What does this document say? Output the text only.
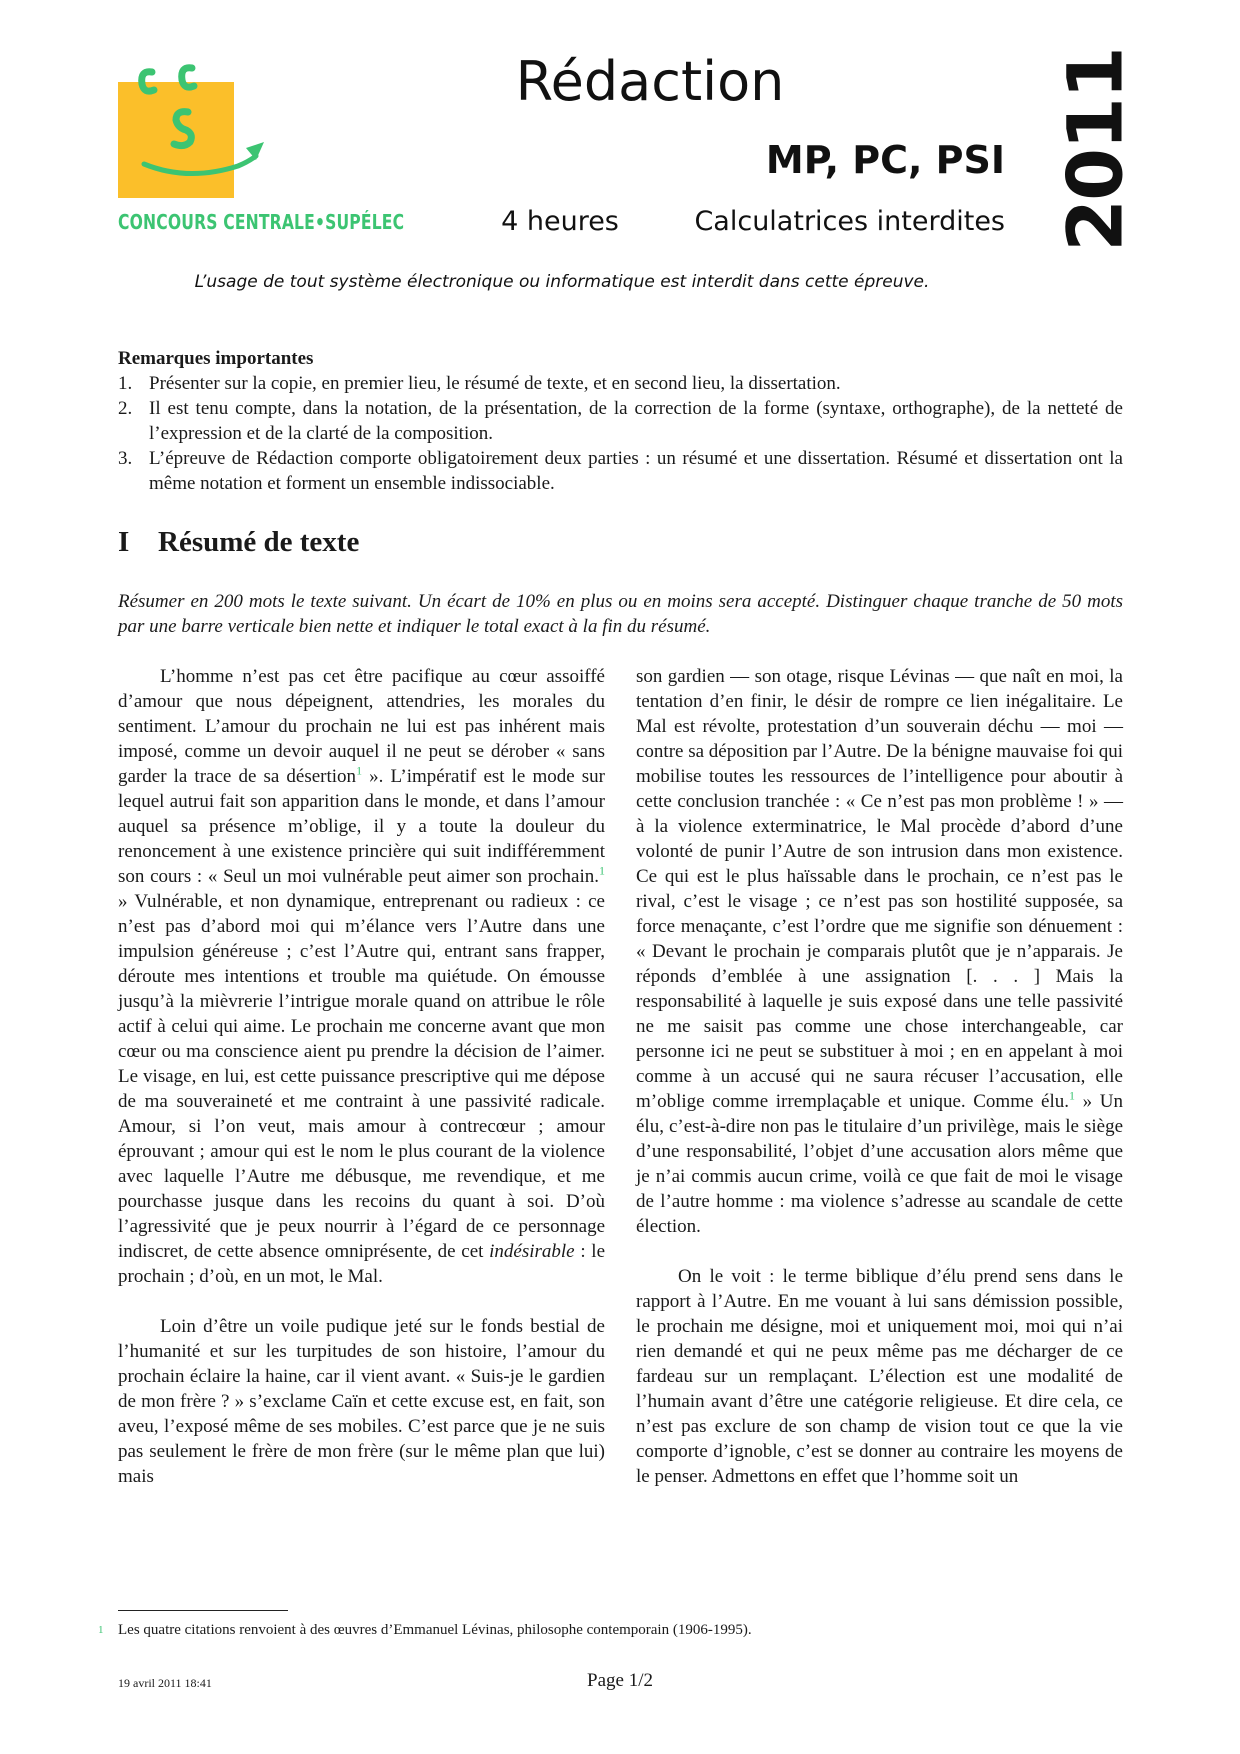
CONCOURS CENTRALE•SUPÉLEC
Rédaction
MP, PC, PSI
4 heures	Calculatrices interdites 2011
L’usage de tout système électronique ou informatique est interdit dans cette épreuve.
Remarques importantes
1. Présenter sur la copie, en premier lieu, le résumé de texte, et en second lieu, la dissertation.
2. Il est tenu compte, dans la notation, de la présentation, de la correction de la forme (syntaxe, orthographe), de la netteté de l’expression et de la clarté de la composition.
3. L’épreuve de Rédaction comporte obligatoirement deux parties : un résumé et une dissertation. Résumé et dissertation ont la même notation et forment un ensemble indissociable.
I Résumé de texte
Résumer en 200 mots le texte suivant. Un écart de 10% en plus ou en moins sera accepté. Distinguer chaque tranche de 50 mots par une barre verticale bien nette et indiquer le total exact à la fin du résumé.

L’homme n’est pas cet être pacifique au cœur assoiffé d’amour que nous dépeignent, attendries, les morales du sentiment. L’amour du prochain ne lui est pas inhérent mais imposé, comme un devoir auquel il ne peut se dérober « sans garder la trace de sa désertion$^1$ ». L’impératif est le mode sur lequel autrui fait son apparition dans le monde, et dans l’amour auquel sa présence m’oblige, il y a toute la douleur du renoncement à une existence princière qui suit indifféremment son cours : « Seul un moi vulnérable peut aimer son prochain.$^1$ » Vulnérable, et non dynamique, entreprenant ou radieux : ce n’est pas d’abord moi qui m’élance vers l’Autre dans une impulsion généreuse ; c’est l’Autre qui, entrant sans frapper, déroute mes intentions et trouble ma quiétude. On émousse jusqu’à la mièvrerie l’intrigue morale quand on attribue le rôle actif à celui qui aime. Le prochain me concerne avant que mon cœur ou ma conscience aient pu prendre la décision de l’aimer. Le visage, en lui, est cette puissance prescriptive qui me dépose de ma souveraineté et me contraint à une passivité radicale. Amour, si l’on veut, mais amour à contrecœur ; amour éprouvant ; amour qui est le nom le plus courant de la violence avec laquelle l’Autre me débusque, me revendique, et me pourchasse jusque dans les recoins du quant à soi. D’où l’agressivité que je peux nourrir à l’égard de ce personnage indiscret, de cette absence omniprésente, de cet indésirable : le prochain ; d’où, en un mot, le Mal.

Loin d’être un voile pudique jeté sur le fonds bestial de l’humanité et sur les turpitudes de son histoire, l’amour du prochain éclaire la haine, car il vient avant. « Suis-je le gardien de mon frère ? » s’exclame Caïn et cette excuse est, en fait, son aveu, l’exposé même de ses mobiles. C’est parce que je ne suis pas seulement le frère de mon frère (sur le même plan que lui) mais

son gardien — son otage, risque Lévinas — que naît en moi, la tentation d’en finir, le désir de rompre ce lien inégalitaire. Le Mal est révolte, protestation d’un souverain déchu — moi — contre sa déposition par l’Autre. De la bénigne mauvaise foi qui mobilise toutes les ressources de l’intelligence pour aboutir à cette conclusion tranchée : « Ce n’est pas mon problème ! » — à la violence exterminatrice, le Mal procède d’abord d’une volonté de punir l’Autre de son intrusion dans mon existence. Ce qui est le plus haïssable dans le prochain, ce n’est pas le rival, c’est le visage ; ce n’est pas son hostilité supposée, sa force menaçante, c’est l’ordre que me signifie son dénuement : « Devant le prochain je comparais plutôt que je n’apparais. Je réponds d’emblée à une assignation [. . . ] Mais la responsabilité à laquelle je suis exposé dans une telle passivité ne me saisit pas comme une chose interchangeable, car personne ici ne peut se substituer à moi ; en en appelant à moi comme à un accusé qui ne saura récuser l’accusation, elle m’oblige comme irremplaçable et unique. Comme élu.$^1$ » Un élu, c’est-à-dire non pas le titulaire d’un privilège, mais le siège d’une responsabilité, l’objet d’une accusation alors même que je n’ai commis aucun crime, voilà ce que fait de moi le visage de l’autre homme : ma violence s’adresse au scandale de cette élection.

On le voit : le terme biblique d’élu prend sens dans le rapport à l’Autre. En me vouant à lui sans démission possible, le prochain me désigne, moi et uniquement moi, moi qui n’ai rien demandé et qui ne peux même pas me décharger de ce fardeau sur un remplaçant. L’élection est une modalité de l’humain avant d’être une catégorie religieuse. Et dire cela, ce n’est pas exclure de son champ de vision tout ce que la vie comporte d’ignoble, c’est se donner au contraire les moyens de le penser. Admettons en effet que l’homme soit un

1 Les quatre citations renvoient à des œuvres d’Emmanuel Lévinas, philosophe contemporain (1906-1995).
19 avril 2011 18:41	Page 1/2
